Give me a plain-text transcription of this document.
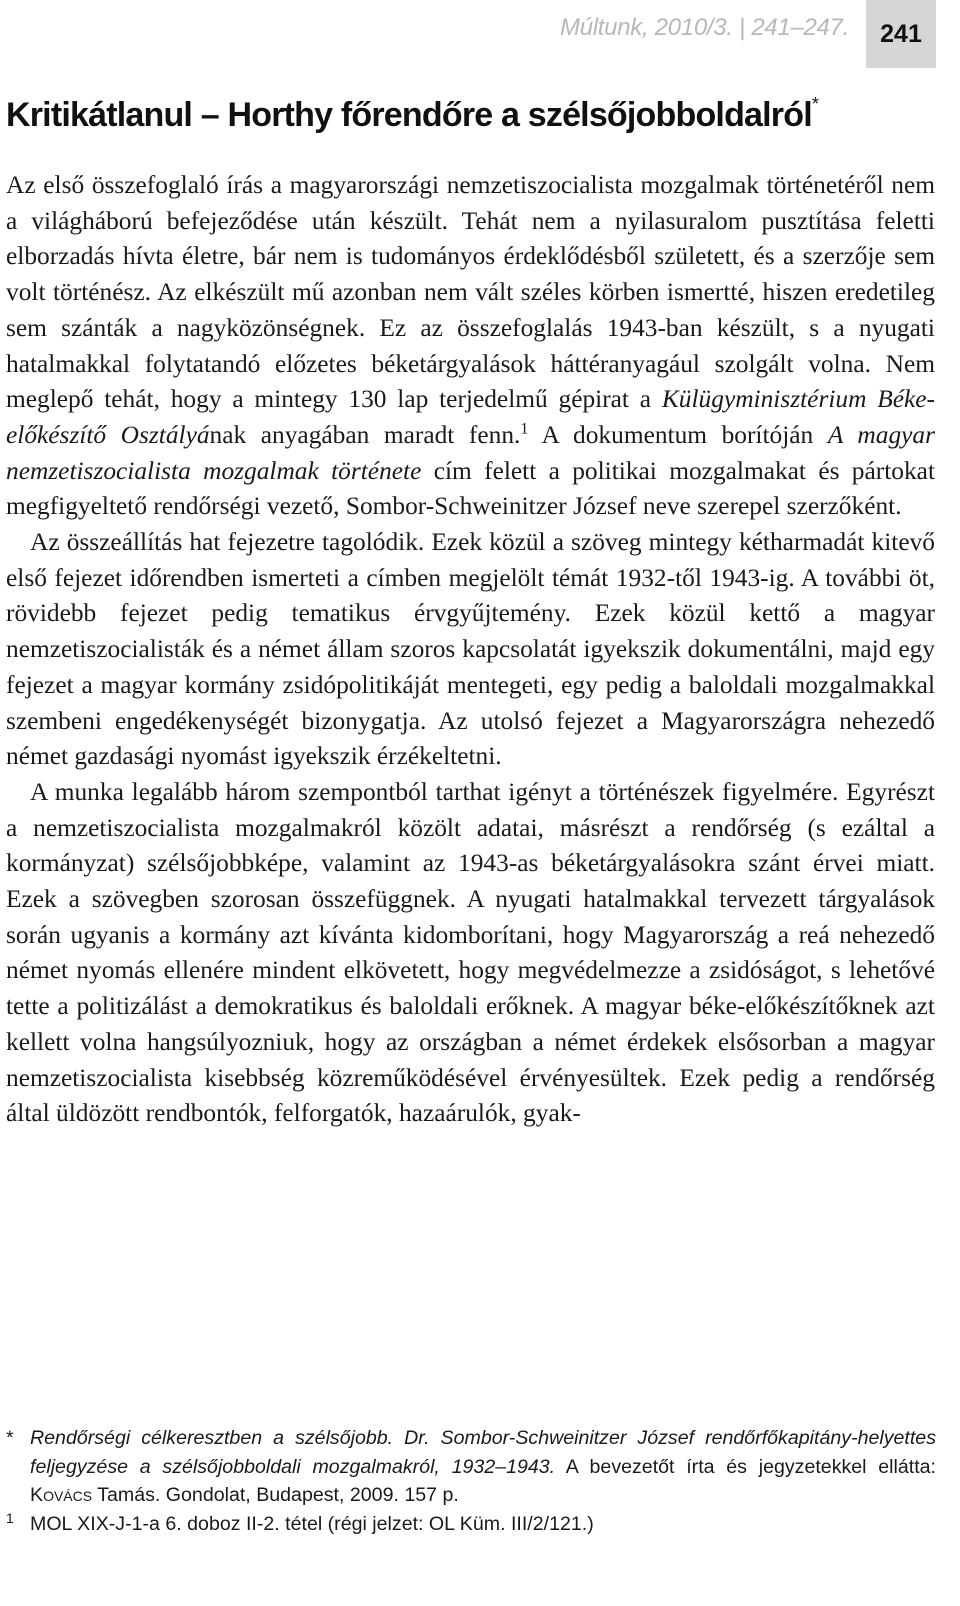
Múltunk, 2010/3. | 241–247. 241
Kritikátlanul – Horthy főrendőre a szélsőjobboldalról*

Az első összefoglaló írás a magyarországi nemzetiszocialista mozgalmak történetéről nem a világháború befejeződése után készült. Tehát nem a nyilasuralom pusztítása feletti elborzadás hívta életre, bár nem is tudományos érdeklődésből született, és a szerzője sem volt történész. Az elkészült mű azonban nem vált széles körben ismertté, hiszen eredetileg sem szánták a nagyközönségnek. Ez az összefoglalás 1943-ban készült, s a nyugati hatalmakkal folytatandó előzetes béketárgyalások háttéranyagául szolgált volna. Nem meglepő tehát, hogy a mintegy 130 lap terjedelmű gépirat a Külügyminisztérium Béke-előkészítő Osztályának anyagában maradt fenn.$^1$ A dokumentum borítóján A magyar nemzetiszocialista mozgalmak története cím felett a politikai mozgalmakat és pártokat megfigyeltető rendőrségi vezető, Sombor-Schweinitzer József neve szerepel szerzőként.

Az összeállítás hat fejezetre tagolódik. Ezek közül a szöveg mintegy kétharmadát kitevő első fejezet időrendben ismerteti a címben megjelölt témát 1932-től 1943-ig. A további öt, rövidebb fejezet pedig tematikus érvgyűjtemény. Ezek közül kettő a magyar nemzetiszocialisták és a német állam szoros kapcsolatát igyekszik dokumentálni, majd egy fejezet a magyar kormány zsidópolitikáját mentegeti, egy pedig a baloldali mozgalmakkal szembeni engedékenységét bizonygatja. Az utolsó fejezet a Magyarországra nehezedő német gazdasági nyomást igyekszik érzékeltetni.

A munka legalább három szempontból tarthat igényt a történészek figyelmére. Egyrészt a nemzetiszocialista mozgalmakról közölt adatai, másrészt a rendőrség (s ezáltal a kormányzat) szélsőjobbképe, valamint az 1943-as béketárgyalásokra szánt érvei miatt. Ezek a szövegben szorosan összefüggnek. A nyugati hatalmakkal tervezett tárgyalások során ugyanis a kormány azt kívánta kidomborítani, hogy Magyarország a reá nehezedő német nyomás ellenére mindent elkövetett, hogy megvédelmezze a zsidóságot, s lehetővé tette a politizálást a demokratikus és baloldali erőknek. A magyar béke-előkészítőknek azt kellett volna hangsúlyozniuk, hogy az országban a német érdekek elsősorban a magyar nemzetiszocialista kisebbség közreműködésével érvényesültek. Ezek pedig a rendőrség által üldözött rendbontók, felforgatók, hazaárulók, gyak-

* Rendőrségi célkeresztben a szélsőjobb. Dr. Sombor-Schweinitzer József rendőrfőkapitány-helyettes feljegyzése a szélsőjobboldali mozgalmakról, 1932–1943. A bevezetőt írta és jegyzetekkel ellátta: Kovács Tamás. Gondolat, Budapest, 2009. 157 p.

1 MOL XIX-J-1-a 6. doboz II-2. tétel (régi jelzet: OL Küm. III/2/121.)
